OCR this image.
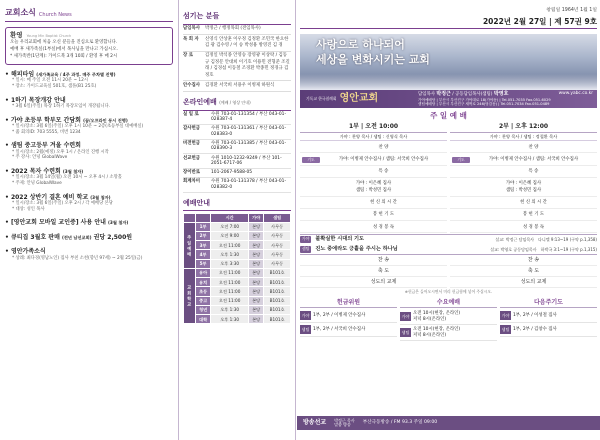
교회소식 Church News
환영 Young Min Baptist Church

오늘 우리교회에 처음 오신 분들을 진심으로 환영합니다.

예배 후 새가족실(1부실)에서 목사님을 만나고 가십시오.

* 새가족반(1단계): 가이드북 3개 10회 / 환영 후 매 2시

• 해피타임 (새가족교육 / 4주 과정. 매주 주차별 진행)
* 일시: 매 주일 오전 11시 20분 ~ 12시
* 장소: 가이드교육실 501호, 샘플(B1 25호)
• 1하기 목장개강 안내
* 3월 6일(주일) 목장 1하기 목장모임이 개강됩니다.
• 가야 초등부 학부모 간담회 (꿈/오프라인 동시 진행)
* 일시/장소: 3월 6일(주일) 오후 1시 10분 ~ 2층(초등부실 대예배실)
* 줌 회의ID: 703 5555, 비번 1234
• 샘팀 중고등부 겨울 수련회
* 일시/장소: 2월(예정) 오후 1시 / 온라인 진행 시작
* 주 강사: 안녕 GlobalWave
• 2022 목자 수련회 (3월 첨자)
* 일시/장소: 3월 14일(월) 오전 10시 ~ 오후 4시 / 소망홀
* 주제: 안녕 GlobalWave
• 2022 상반기 결혼 예비 학교 (3월 첨자)
* 일시/장소: 3월 6일(주일) 오후 2시 / 각 예배당 본당
* 대상: 성인 목사
• [영안교회 모바일 교인증] 사용 안내 (3월 첨자)
• 큐티집 3월호 판매 (전년 남선교회) 권당 2,500원
• 영안가족소식
* 상례: 최다경(영남노인) 집사 부친 소천(향년 97세) ~ 2월 25일(금)
섬기는 분들
담임목사	박정근 / 행정목회 (전임목사)
목 회 자	신영식 안상훈 이우정 김정환 조민국 한요한 김 광 김수영 / 이 승 박성용 방영진 김 경
장 로	김정일 박석종 안영승 장영광 이상락 / 김동규 김정문 안대희 이기호 이용민 전형준 조길래 / 김경섭 이동철 조경환 박종민 정경규 김정호
안수집사	김경환 서국희 서용우 이병제 하원식
온라인예배 (예배 / 영상 안내)
실 일 로	수원 703-01-131354 / 부산 043-01-028387-4
감사헌금	수원 703-01-131361 / 부산 043-01-028383-0
비전헌금	수원 703-01-131385 / 부산 043-01-028390-3
선교헌금	수원 1010-1232-9249 / 부산 101-2051-6717-06
장이반로	101-2067-9588-05
회계차미	수원 703-01-131378 / 부산 043-01-028382-0
예배안내
		시간	가야	샘팀
주 일 예 배	1부	오전 7:00	본당	사무동
	2부	오전 9:00	본당	사무동
	3부	오전 11:00	본당	사무동
	4부	오후 1:30	본당	사무동
	5부	오후 3:30	본당	사무동
교 회 학 교	유아	오전 11:00	본당	B101호
	유치	오전 11:00	본당	B101호
	초등	오전 11:00	본당	B101호
	중고	오전 11:00	본당	B101호
	청년	오후 1:30	본당	B101호
	대학	오후 1:30	본당	B101호
창립일 1964년 1월 1일
2022년 2월 27일 | 제 57권 9호
사랑으로 하나되어
세상을 변화시키는 교회
기독교 한국침례회 영안교회	담임목사 박정근 / 공동담임목사(샘팀) 박영호	www.yabc.co.kr
가야예배당 | 부산시 부산진구 가야대로 18(가야동) | Tel.051-7035 Fax.051-6029
샘팀예배당 | 부산시 부산진구 새싹로 246(당감동) | Tel.051-7034 Fax.051-0489
주 일 예 배
1부 | 오전 10:00
가야 : 찬양 목사 / 샘팀 : 신영식 목사
2부 | 오후 12:00
가야 : 찬양 목사 / 샘팀 : 정철환 목사
찬 양	찬 양
기도	가야: 이병제 안수집사 / 샘팀: 서국희 안수집사	기도	가야: 이병제 안수집사 / 샘팀: 서국희 안수집사
특 송	특 송
가야 : 이은혜 집사
샘팀 : 박성민 집사
가야 : 이은혜 집사
샘팀 : 박성민 집사
헌 신 의 시 간	헌 신 의 시 간
봉 헌 기 도	봉 헌 기 도
성 경 봉 독	성 경 봉 독
가야	불확실한 시대의 기도	설교: 박정근 담임목사 다니엘 9:13~19 (구약 p.1,358)
샘팀	진노 중에라도 긍휼을 주시는 하나님	설교: 박영호 공동담임목사 하박국 3:1~19 (구약 p.1,315)
찬 송
축 도
성도의 교제
찬 송
축 도
성도의 교제
※헌금은 들어오시면서 미리 헌금함에 넣어 주십시오.
헌금위원
가야 1부, 2부 / 이병제 안수집사
샘팀 1부, 2부 / 서국희 안수집사
수요예배
가야
오전 10시(현장, 온라인)
저녁 8시(온라인)
샘팀
오전 10시(현장, 온라인)
저녁 8시(온라인)
다음주기도
가야 1부, 2부 / 이성철 집사
샘팀 1부, 2부 / 김창수 집사
방송선교 박정근 목사
말씀 방송	부산극동방송 / FM 93.3 주일 09:00
